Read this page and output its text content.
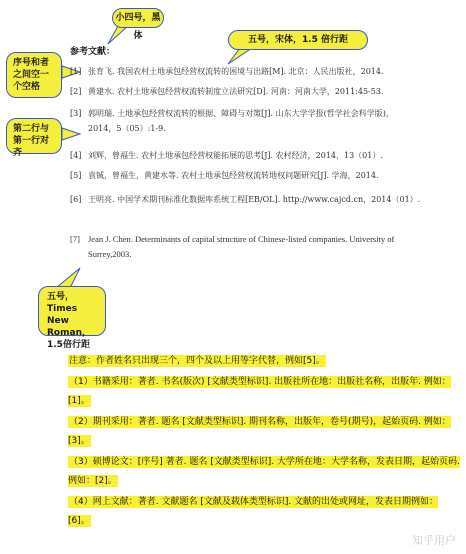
小四号，黑体	五号，宋体，1.5 倍行距
序号和者之间空一个空格
第二行与第一行对齐
五号，Times New Roman，1.5倍行距
参考文献：
[1] 张育飞. 我国农村土地承包经营权流转的困境与出路[M]. 北京：人民出版社，2014.
[2] 黄建水. 农村土地承包经营权流转制度立法研究[D]. 河南：河南大学，2011:45-53.
[3] 郭明瑞. 土地承包经营权流转的根据、障碍与对策[J]. 山东大学学报(哲学社会科学版)，
2014，5（05）:1-9.
[4] 刘辉，曾福生. 农村土地承包经营权能拓展的思考[J]. 农村经济，2014，13（01）.
[5] 袁铖，曾福生，黄建水等. 农村土地承包经营权流转地权问题研究[J]. 学海，2014.
[6] 王明亮. 中国学术期刊标准化数据库系统工程[EB/OL]. http://www.cajcd.cn，2014（01）.
[7] Jean J. Chen. Determinants of capital structure of Chinese-listed companies. University of
Surrey,2003.

注意：作者姓名只出现三个，四个及以上用等字代替，例如[5]。

（1）书籍采用：著者. 书名(版次) [文献类型标识]. 出版社所在地：出版社名称，出版年. 例如：[1]。

（2）期刊采用：著者. 题名 [文献类型标识]. 期刊名称，出版年，卷号(期号)，起始页码. 例如：[3]。

（3）硕博论文：[序号] 著者. 题名 [文献类型标识]. 大学所在地：大学名称，发表日期，起始页码. 例如：[2]。

（4）网上文献：著者. 文献题名 [文献及载体类型标识]. 文献的出处或网址，发表日期例如：[6]。

知乎用户
